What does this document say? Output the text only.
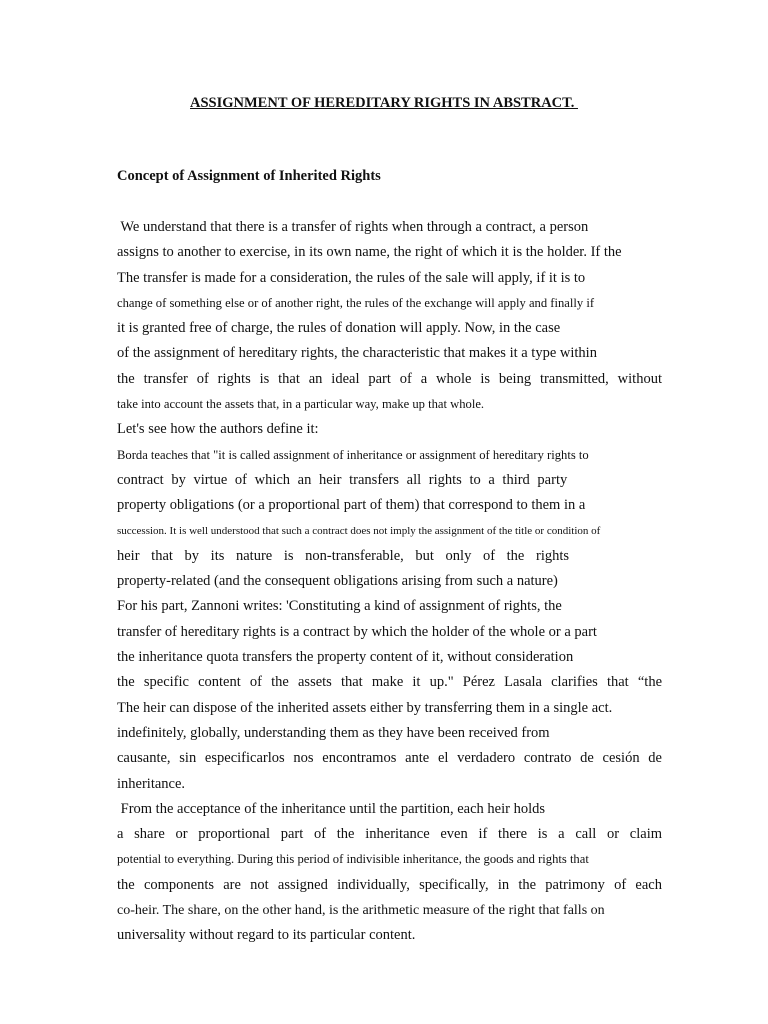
ASSIGNMENT OF HEREDITARY RIGHTS IN ABSTRACT.
Concept of Assignment of Inherited Rights
We understand that there is a transfer of rights when through a contract, a person
assigns to another to exercise, in its own name, the right of which it is the holder. If the
The transfer is made for a consideration, the rules of the sale will apply, if it is to
change of something else or of another right, the rules of the exchange will apply and finally if
it is granted free of charge, the rules of donation will apply. Now, in the case
of the assignment of hereditary rights, the characteristic that makes it a type within
the transfer of rights is that an ideal part of a whole is being transmitted, without
take into account the assets that, in a particular way, make up that whole.
Let's see how the authors define it:
Borda teaches that "it is called assignment of inheritance or assignment of hereditary rights to
contract by virtue of which an heir transfers all rights to a third party
property obligations (or a proportional part of them) that correspond to them in a
succession. It is well understood that such a contract does not imply the assignment of the title or condition of
heir that by its nature is non-transferable, but only of the rights
property-related (and the consequent obligations arising from such a nature)
For his part, Zannoni writes: 'Constituting a kind of assignment of rights, the
transfer of hereditary rights is a contract by which the holder of the whole or a part
the inheritance quota transfers the property content of it, without consideration
the specific content of the assets that make it up." Pérez Lasala clarifies that “the
The heir can dispose of the inherited assets either by transferring them in a single act.
indefinitely, globally, understanding them as they have been received from
causante, sin especificarlos nos encontramos ante el verdadero contrato de cesión de
inheritance.
From the acceptance of the inheritance until the partition, each heir holds
a share or proportional part of the inheritance even if there is a call or claim
potential to everything. During this period of indivisible inheritance, the goods and rights that
the components are not assigned individually, specifically, in the patrimony of each
co-heir. The share, on the other hand, is the arithmetic measure of the right that falls on
universality without regard to its particular content.
